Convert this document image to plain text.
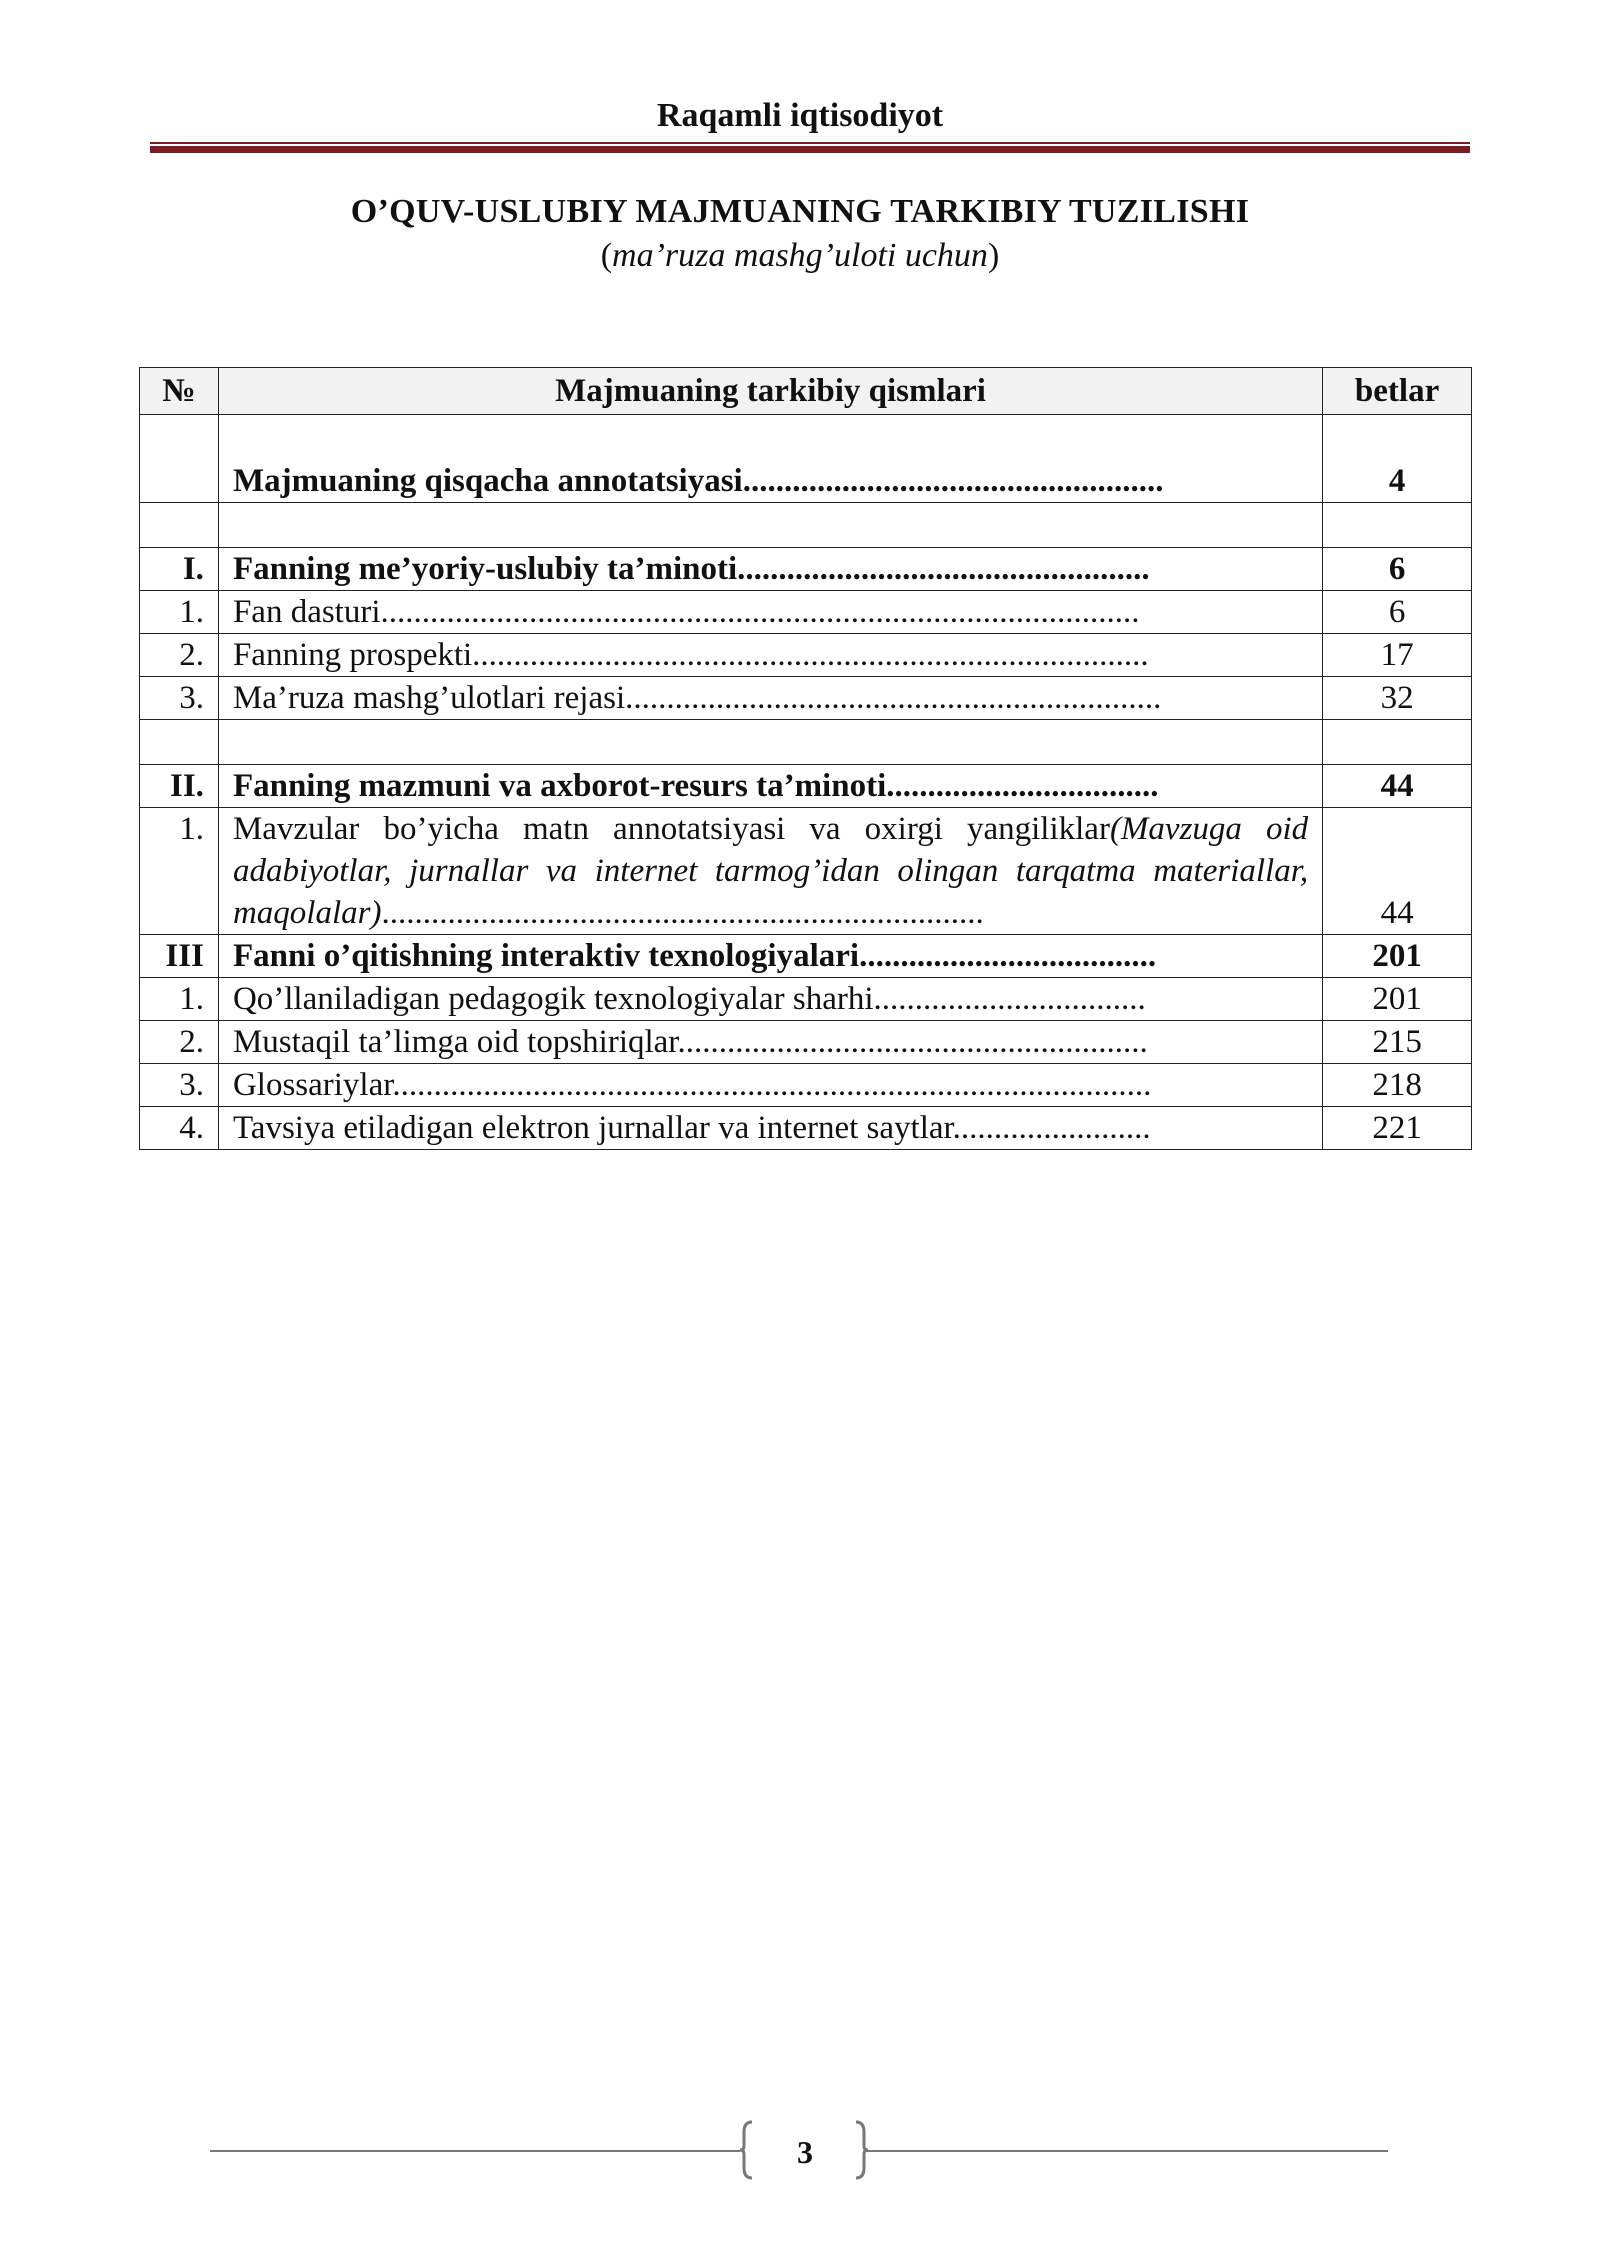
Raqamli iqtisodiyot
O’QUV-USLUBIY MAJMUANING TARKIBIY TUZILISHI
(ma’ruza mashg’uloti uchun)
№	Majmuaning tarkibiy qismlari	betlar
	Majmuaning qisqacha annotatsiyasi...................................................	4

I.	Fanning me’yoriy-uslubiy ta’minoti..................................................	6
1.	Fan dasturi............................................................................................	6
2.	Fanning prospekti..................................................................................	17
3.	Ma’ruza mashg’ulotlari rejasi.................................................................	32

II.	Fanning mazmuni va axborot-resurs ta’minoti.................................	44
1.	Mavzular bo’yicha matn annotatsiyasi va oxirgi yangiliklar(Mavzuga oid adabiyotlar, jurnallar va internet tarmog’idan olingan tarqatma materiallar, maqolalar).........................................................................	44
III	Fanni o’qitishning interaktiv texnologiyalari....................................	201
1.	Qo’llaniladigan pedagogik texnologiyalar sharhi.................................	201
2.	Mustaqil ta’limga oid topshiriqlar.........................................................	215
3.	Glossariylar............................................................................................	218
4.	Tavsiya etiladigan elektron jurnallar va internet saytlar........................	221
3
